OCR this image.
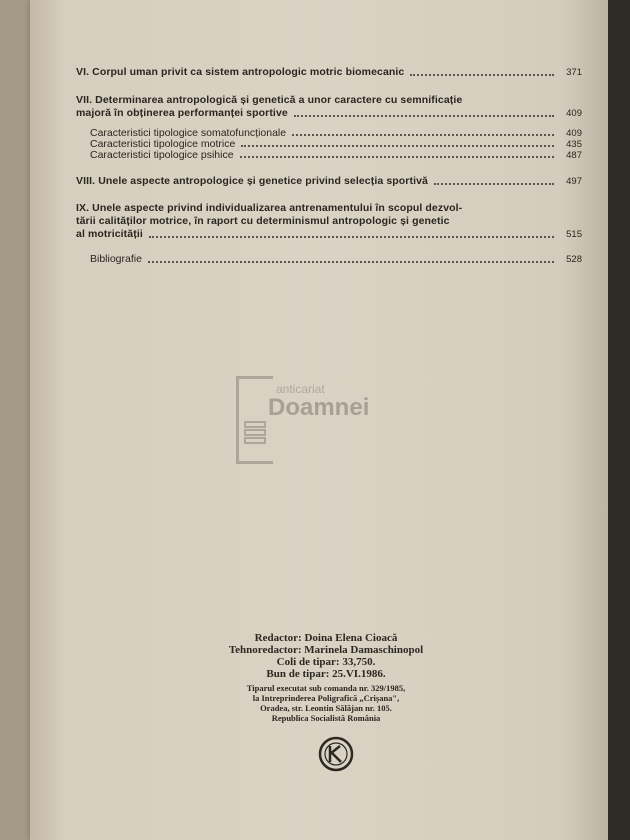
VI. Corpul uman privit ca sistem antropologic motric biomecanic	371
VII. Determinarea antropologică și genetică a unor caractere cu semnificație
majoră în obținerea performanței sportive	409
Caracteristici tipologice somatofuncționale	409
Caracteristici tipologice motrice	435
Caracteristici tipologice psihice	487
VIII. Unele aspecte antropologice și genetice privind selecția sportivă	497
IX. Unele aspecte privind individualizarea antrenamentului în scopul dezvol-
tării calităților motrice, în raport cu determinismul antropologic și genetic
al motricității	515
Bibliografie	528
anticariat
Doamnei
Redactor: Doina Elena Cioacă
Tehnoredactor: Marinela Damaschinopol
Coli de tipar: 33,750.
Bun de tipar: 25.VI.1986.
Tiparul executat sub comanda nr. 329/1985,
la Intreprinderea Poligrafică „Crișana",
Oradea, str. Leontin Sălăjan nr. 105.
Republica Socialistă România
